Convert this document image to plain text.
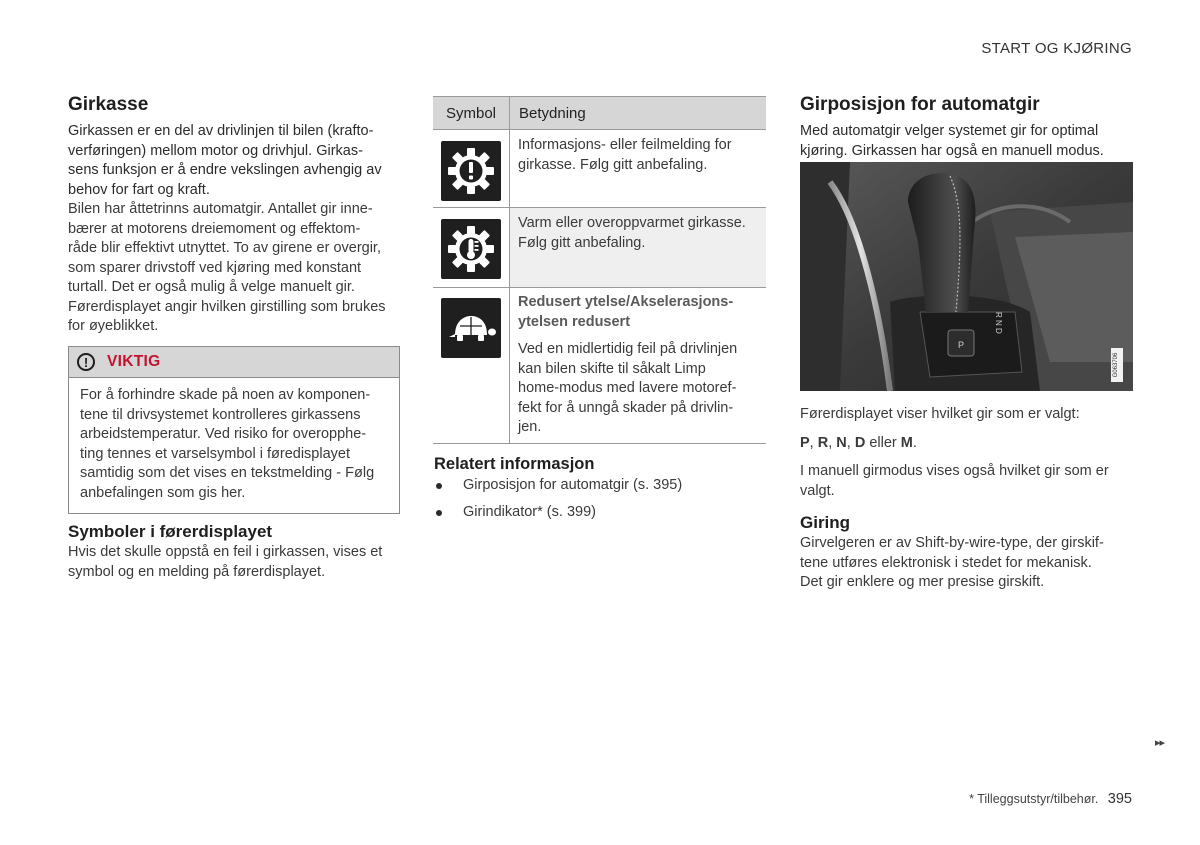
START OG KJØRING
Girkasse

Girkassen er en del av drivlinjen til bilen (krafto-
verføringen) mellom motor og drivhjul. Girkas-
sens funksjon er å endre vekslingen avhengig av
behov for fart og kraft.

Bilen har åttetrinns automatgir. Antallet gir inne-
bærer at motorens dreiemoment og effektom-
råde blir effektivt utnyttet. To av girene er overgir,
som sparer drivstoff ved kjøring med konstant
turtall. Det er også mulig å velge manuelt gir.
Førerdisplayet angir hvilken girstilling som brukes
for øyeblikket.

!	VIKTIG
For å forhindre skade på noen av komponen-
tene til drivsystemet kontrolleres girkassens
arbeidstemperatur. Ved risiko for overopphe-
ting tennes et varselsymbol i føredisplayet
samtidig som det vises en tekstmelding - Følg
anbefalingen som gis her.
Symboler i førerdisplayet

Hvis det skulle oppstå en feil i girkassen, vises et
symbol og en melding på førerdisplayet.

Symbol	Betydning
Informasjons- eller feilmelding for
girkasse. Følg gitt anbefaling.
Varm eller overoppvarmet girkasse.
Følg gitt anbefaling.
Redusert ytelse/Akselerasjons-
ytelsen redusert
Ved en midlertidig feil på drivlinjen
kan bilen skifte til såkalt Limp
home-modus med lavere motoref-
fekt for å unngå skader på drivlin-
jen.
Relatert informasjon
Girposisjon for automatgir (s. 395)
Girindikator* (s. 399)
Girposisjon for automatgir

Med automatgir velger systemet gir for optimal
kjøring. Girkassen har også en manuell modus.

P
R N D
G063706

Førerdisplayet viser hvilket gir som er valgt:

P, R, N, D eller M.

I manuell girmodus vises også hvilket gir som er
valgt.

Giring

Girvelgeren er av Shift-by-wire-type, der girskif-
tene utføres elektronisk i stedet for mekanisk.
Det gir enklere og mer presise girskift.

▸▸
* Tilleggsutstyr/tilbehør. 395
